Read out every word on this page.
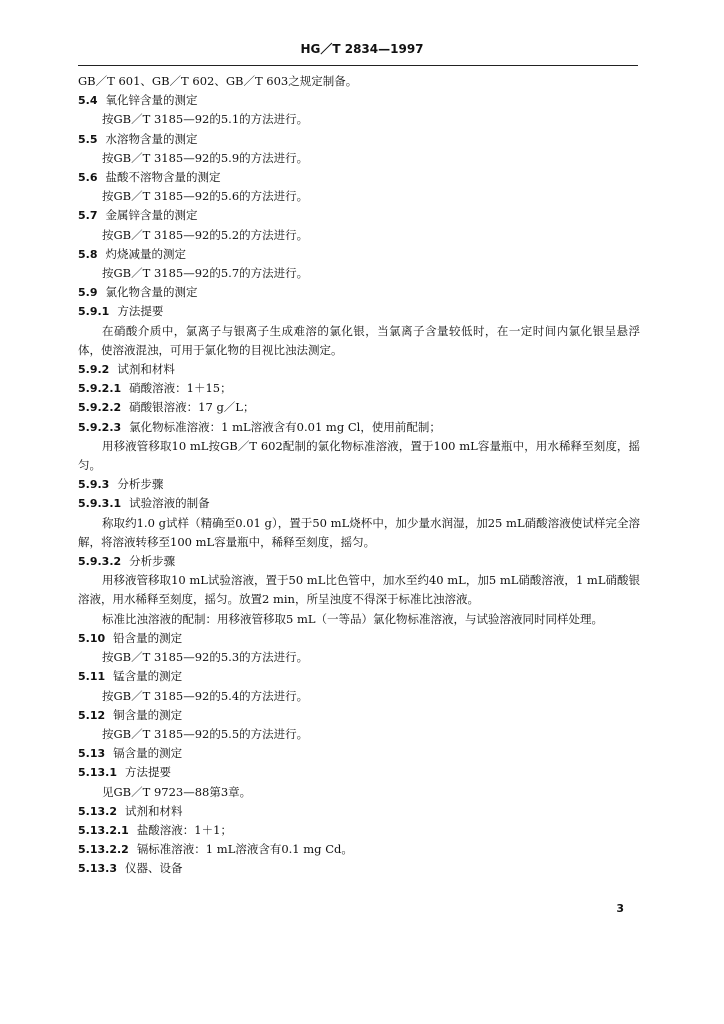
HG／T 2834—1997
GB／T 601、GB／T 602、GB／T 603之规定制备。
5.4 氧化锌含量的测定
按GB／T 3185—92的5.1的方法进行。
5.5 水溶物含量的测定
按GB／T 3185—92的5.9的方法进行。
5.6 盐酸不溶物含量的测定
按GB／T 3185—92的5.6的方法进行。
5.7 金属锌含量的测定
按GB／T 3185—92的5.2的方法进行。
5.8 灼烧减量的测定
按GB／T 3185—92的5.7的方法进行。
5.9 氯化物含量的测定
5.9.1 方法提要
在硝酸介质中，氯离子与银离子生成难溶的氯化银，当氯离子含量较低时，在一定时间内氯化银呈悬浮体，使溶液混浊，可用于氯化物的目视比浊法测定。
5.9.2 试剂和材料
5.9.2.1 硝酸溶液：1＋15；
5.9.2.2 硝酸银溶液：17 g／L；
5.9.2.3 氯化物标准溶液：1 mL溶液含有0.01 mg Cl，使用前配制；
用移液管移取10 mL按GB／T 602配制的氯化物标准溶液，置于100 mL容量瓶中，用水稀释至刻度，摇匀。
5.9.3 分析步骤
5.9.3.1 试验溶液的制备
称取约1.0 g试样（精确至0.01 g），置于50 mL烧杯中，加少量水润湿，加25 mL硝酸溶液使试样完全溶解，将溶液转移至100 mL容量瓶中，稀释至刻度，摇匀。
5.9.3.2 分析步骤
用移液管移取10 mL试验溶液，置于50 mL比色管中，加水至约40 mL，加5 mL硝酸溶液，1 mL硝酸银溶液，用水稀释至刻度，摇匀。放置2 min，所呈浊度不得深于标准比浊溶液。
标准比浊溶液的配制：用移液管移取5 mL（一等品）氯化物标准溶液，与试验溶液同时同样处理。
5.10 铅含量的测定
按GB／T 3185—92的5.3的方法进行。
5.11 锰含量的测定
按GB／T 3185—92的5.4的方法进行。
5.12 铜含量的测定
按GB／T 3185—92的5.5的方法进行。
5.13 镉含量的测定
5.13.1 方法提要
见GB／T 9723—88第3章。
5.13.2 试剂和材料
5.13.2.1 盐酸溶液：1＋1；
5.13.2.2 镉标准溶液：1 mL溶液含有0.1 mg Cd。
5.13.3 仪器、设备
3
